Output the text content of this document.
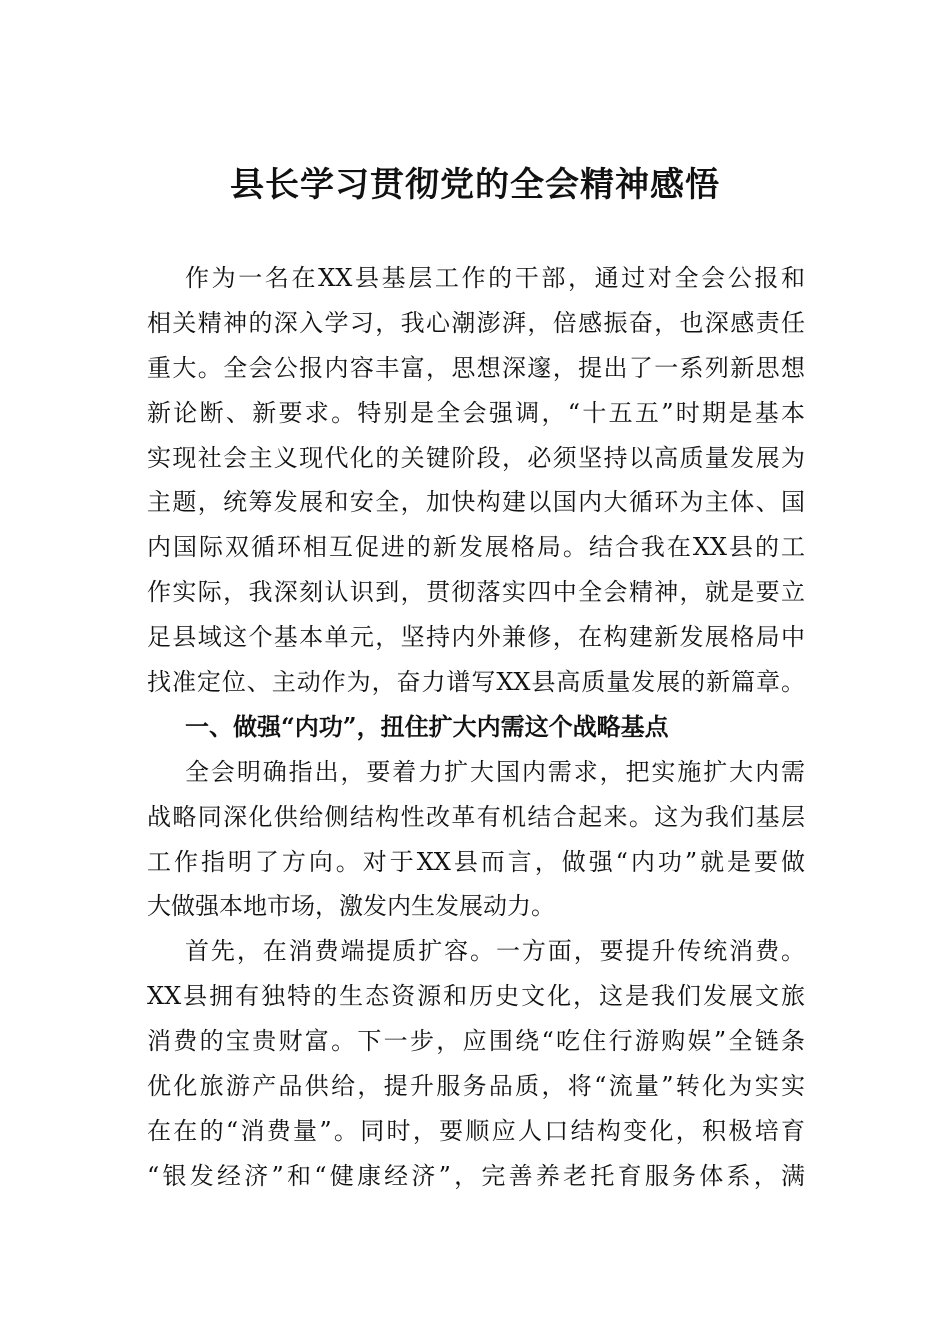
县长学习贯彻党的全会精神感悟
作为一名在XX县基层工作的干部，通过对全会公报和
相关精神的深入学习，我心潮澎湃，倍感振奋，也深感责任
重大。全会公报内容丰富，思想深邃，提出了一系列新思想
新论断、新要求。特别是全会强调，“十五五”时期是基本
实现社会主义现代化的关键阶段，必须坚持以高质量发展为
主题，统筹发展和安全，加快构建以国内大循环为主体、国
内国际双循环相互促进的新发展格局。结合我在XX县的工
作实际，我深刻认识到，贯彻落实四中全会精神，就是要立
足县域这个基本单元，坚持内外兼修，在构建新发展格局中
找准定位、主动作为，奋力谱写XX县高质量发展的新篇章。
一、做强“内功”，扭住扩大内需这个战略基点
全会明确指出，要着力扩大国内需求，把实施扩大内需
战略同深化供给侧结构性改革有机结合起来。这为我们基层
工作指明了方向。对于XX县而言，做强“内功”就是要做
大做强本地市场，激发内生发展动力。
首先，在消费端提质扩容。一方面，要提升传统消费。
XX县拥有独特的生态资源和历史文化，这是我们发展文旅
消费的宝贵财富。下一步，应围绕“吃住行游购娱”全链条
优化旅游产品供给，提升服务品质，将“流量”转化为实实
在在的“消费量”。同时，要顺应人口结构变化，积极培育
“银发经济”和“健康经济”，完善养老托育服务体系，满
